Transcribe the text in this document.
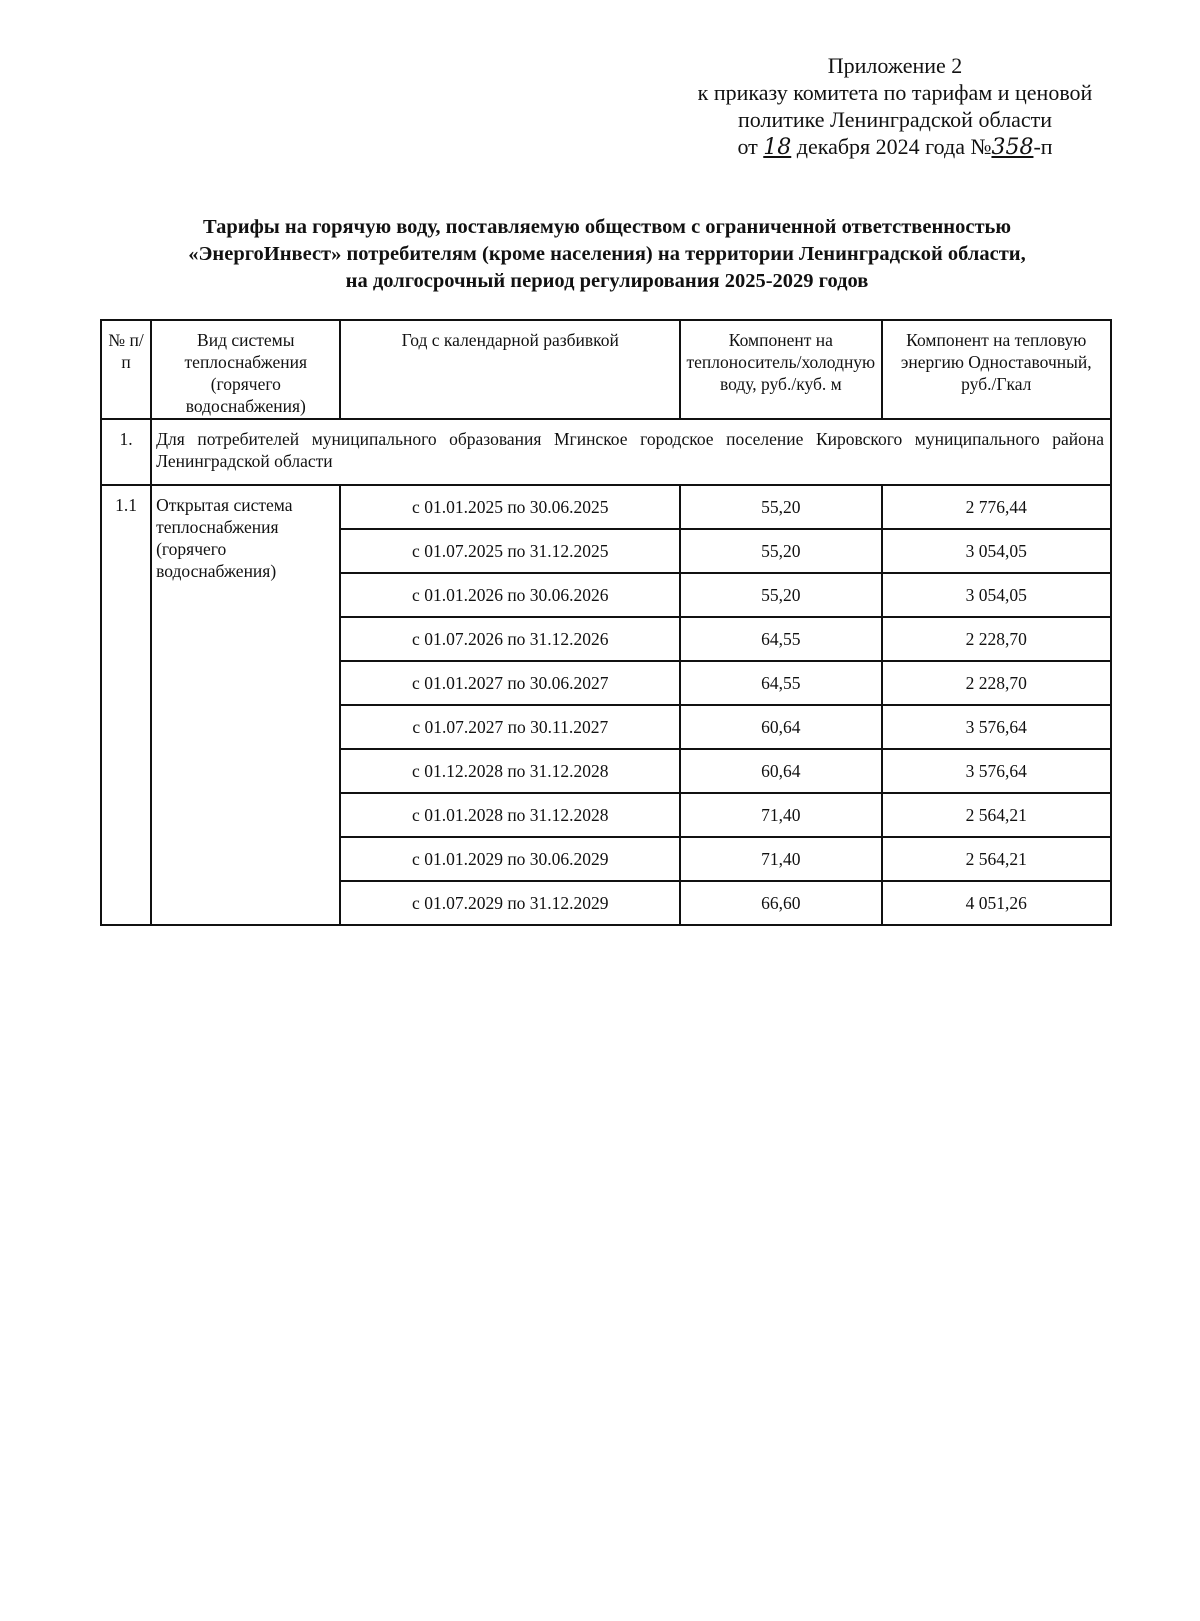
Приложение 2
к приказу комитета по тарифам и ценовой
политике Ленинградской области
от 18 декабря 2024 года №358-п
Тарифы на горячую воду, поставляемую обществом с ограниченной ответственностью
«ЭнергоИнвест» потребителям (кроме населения) на территории Ленинградской области,
на долгосрочный период регулирования 2025-2029 годов
№ п/п	Вид системы теплоснабжения (горячего водоснабжения)	Год с календарной разбивкой	Компонент на теплоноситель/холодную воду, руб./куб. м	Компонент на тепловую энергию Одноставочный, руб./Гкал
1.	Для потребителей муниципального образования Мгинское городское поселение Кировского муниципального района Ленинградской области			
1.1	Открытая система теплоснабжения (горячего водоснабжения)	с 01.01.2025 по 30.06.2025	55,20	2 776,44
		с 01.07.2025 по 31.12.2025	55,20	3 054,05
		с 01.01.2026 по 30.06.2026	55,20	3 054,05
		с 01.07.2026 по 31.12.2026	64,55	2 228,70
		с 01.01.2027 по 30.06.2027	64,55	2 228,70
		с 01.07.2027 по 30.11.2027	60,64	3 576,64
		с 01.12.2028 по 31.12.2028	60,64	3 576,64
		с 01.01.2028 по 31.12.2028	71,40	2 564,21
		с 01.01.2029 по 30.06.2029	71,40	2 564,21
		с 01.07.2029 по 31.12.2029	66,60	4 051,26
